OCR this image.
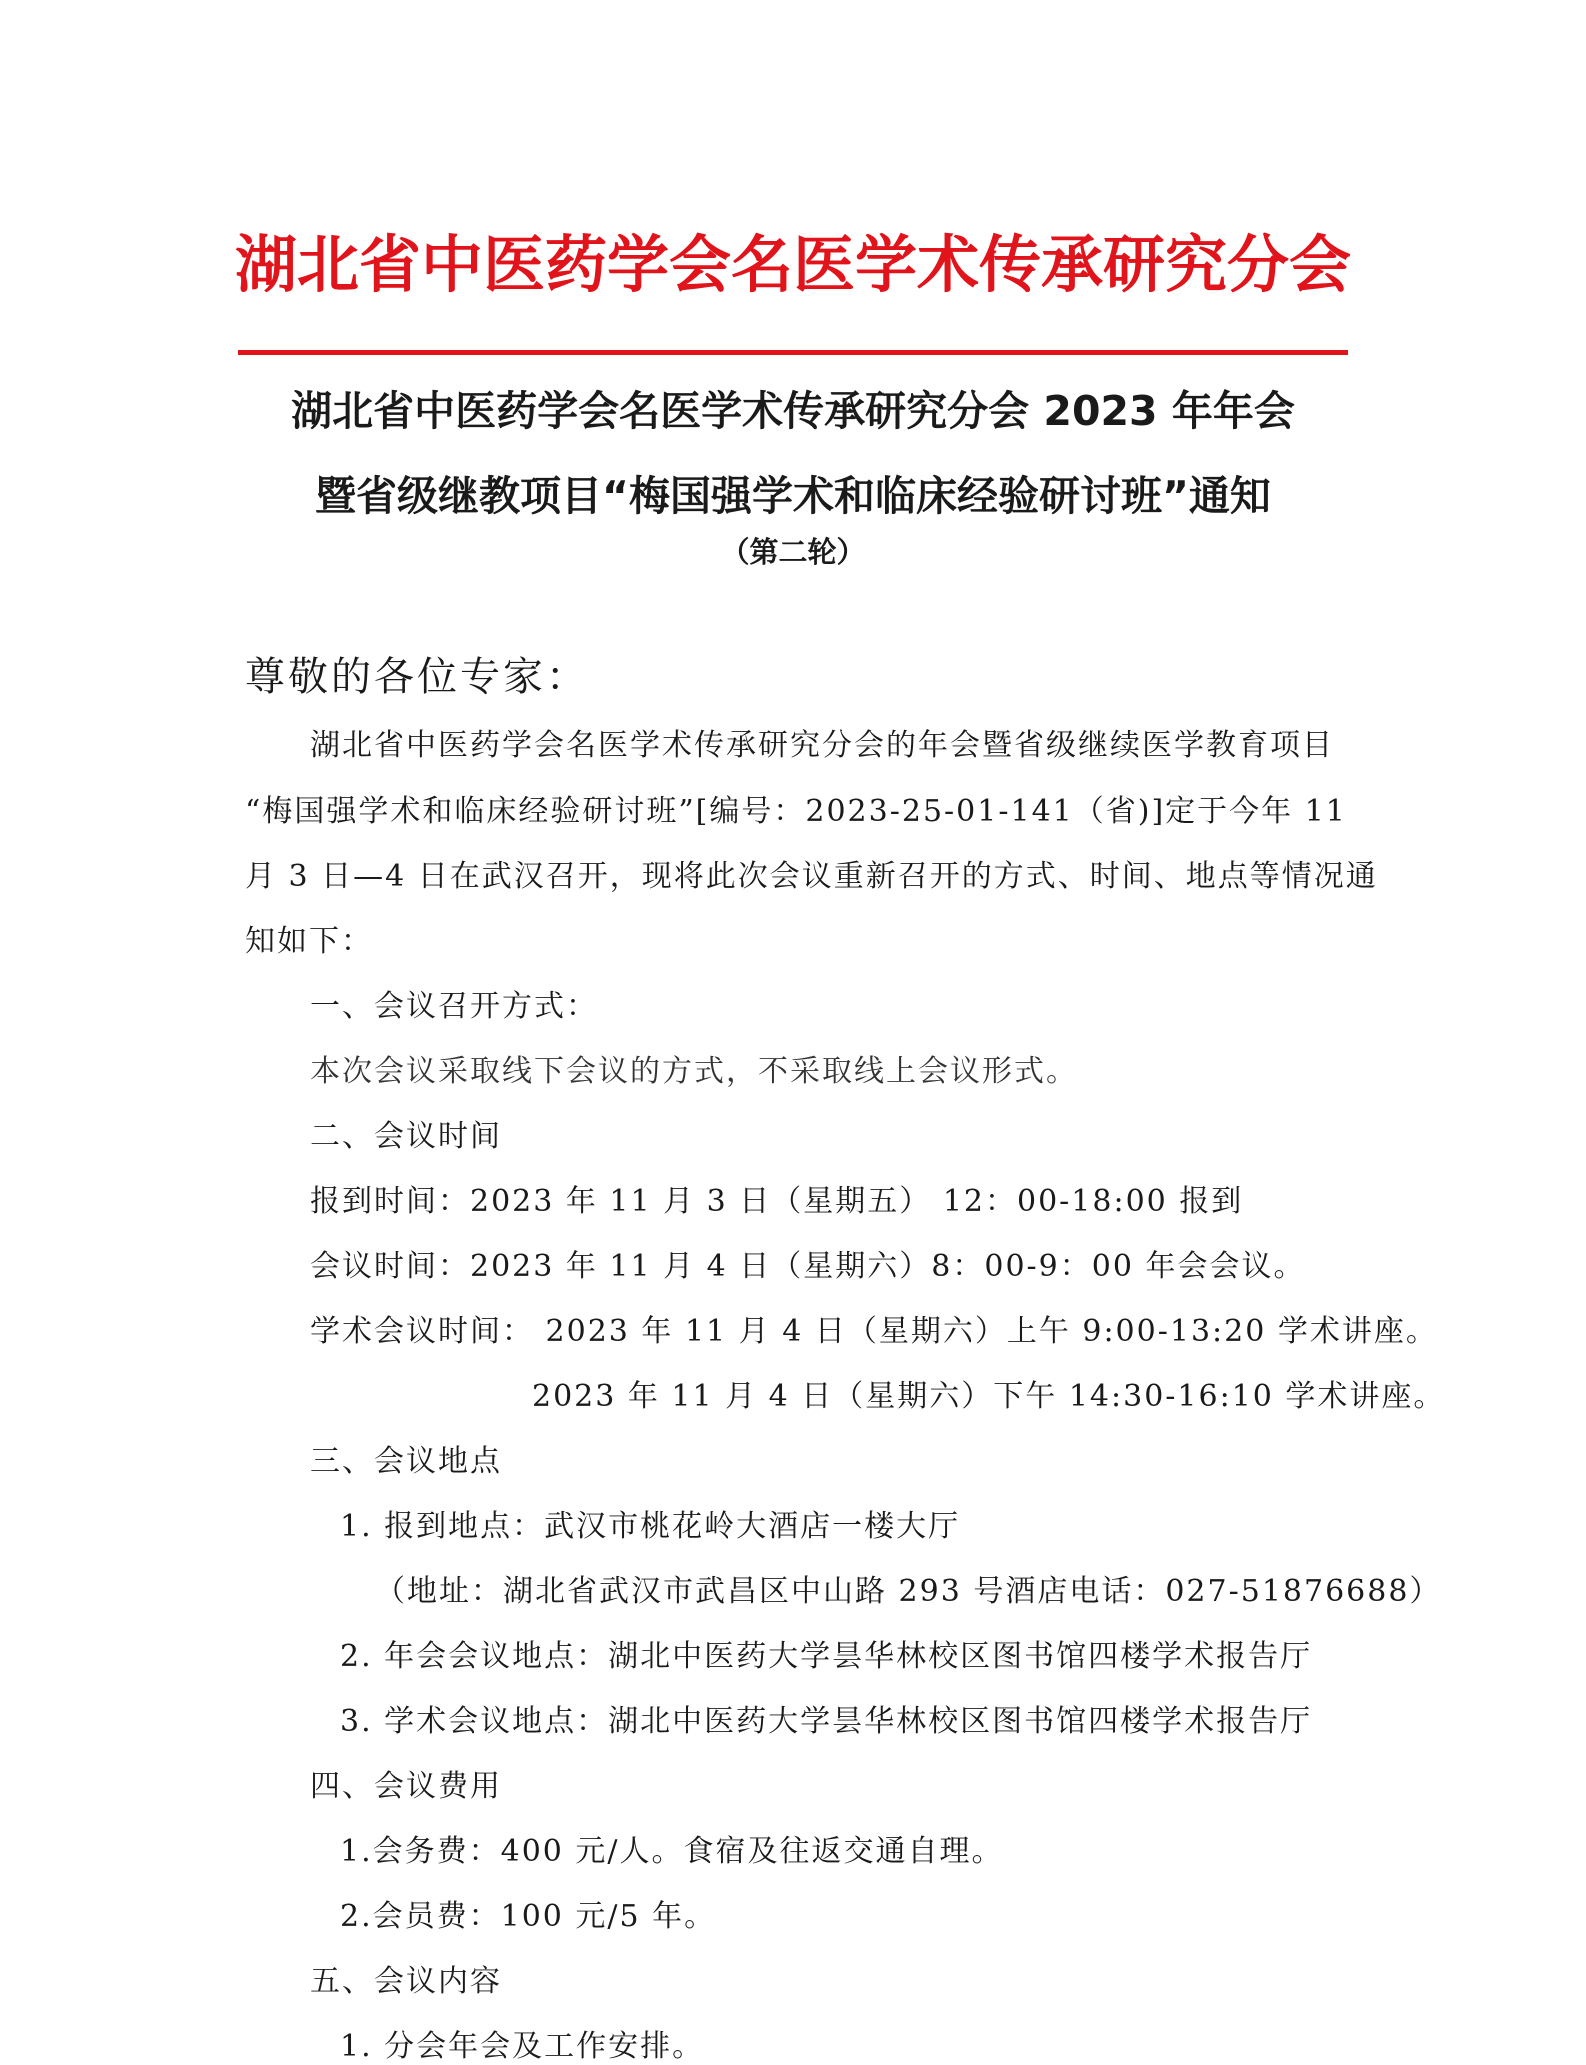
湖北省中医药学会名医学术传承研究分会
湖北省中医药学会名医学术传承研究分会 2023 年年会
暨省级继教项目“梅国强学术和临床经验研讨班”通知
（第二轮）
尊敬的各位专家：
湖北省中医药学会名医学术传承研究分会的年会暨省级继续医学教育项目
“梅国强学术和临床经验研讨班”[编号：2023-25-01-141（省)]定于今年 11
月 3 日—4 日在武汉召开，现将此次会议重新召开的方式、时间、地点等情况通
知如下：
一、会议召开方式：
本次会议采取线下会议的方式，不采取线上会议形式。
二、会议时间
报到时间：2023 年 11 月 3 日（星期五） 12：00-18:00 报到
会议时间：2023 年 11 月 4 日（星期六）8：00-9：00 年会会议。
学术会议时间： 2023 年 11 月 4 日（星期六）上午 9:00-13:20 学术讲座。
2023 年 11 月 4 日（星期六）下午 14:30-16:10 学术讲座。
三、会议地点
1. 报到地点：武汉市桃花岭大酒店一楼大厅
（地址：湖北省武汉市武昌区中山路 293 号酒店电话：027-51876688）
2. 年会会议地点：湖北中医药大学昙华林校区图书馆四楼学术报告厅
3. 学术会议地点：湖北中医药大学昙华林校区图书馆四楼学术报告厅
四、会议费用
1.会务费：400 元/人。食宿及往返交通自理。
2.会员费：100 元/5 年。
五、会议内容
1. 分会年会及工作安排。
